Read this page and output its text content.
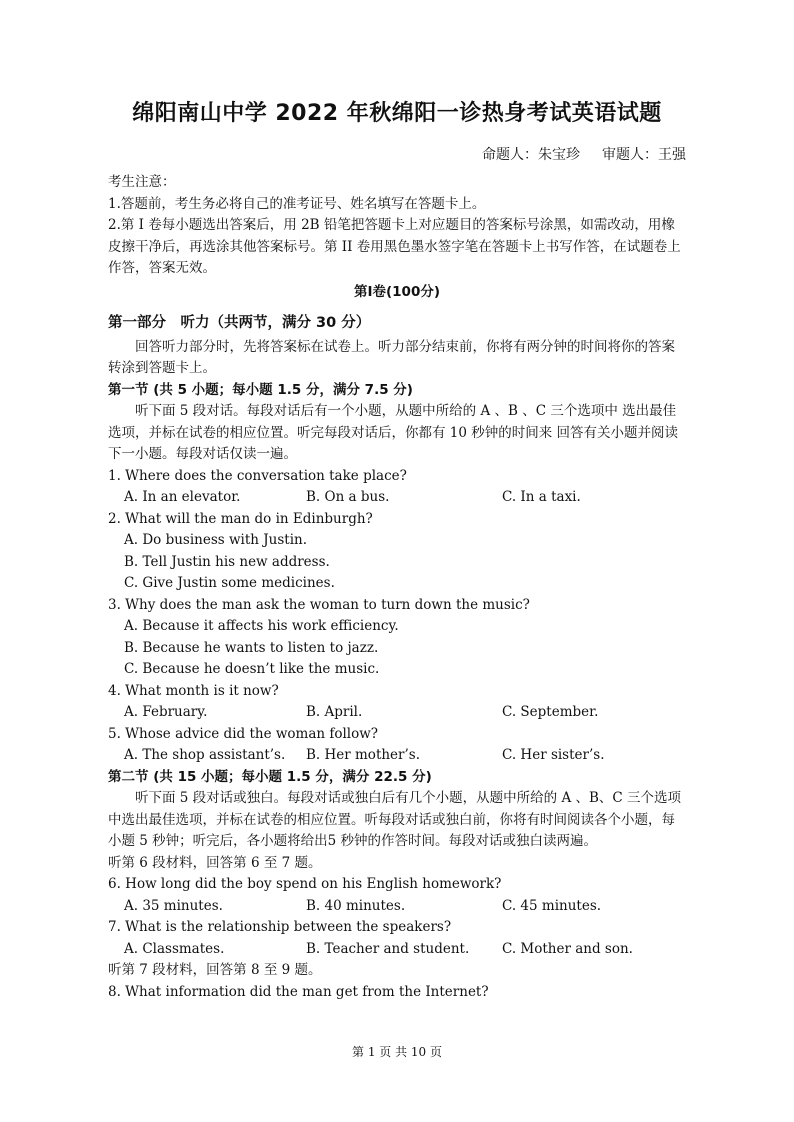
绵阳南山中学 2022 年秋绵阳一诊热身考试英语试题
命题人：朱宝珍 审题人：王强

考生注意：

1.答题前，考生务必将自己的准考证号、姓名填写在答题卡上。

2.第 I 卷每小题选出答案后，用 2B 铅笔把答题卡上对应题目的答案标号涂黑，如需改动，用橡皮擦干净后，再选涂其他答案标号。第 II 卷用黑色墨水签字笔在答题卡上书写作答，在试题卷上作答，答案无效。

第I卷(100分)

第一部分　听力（共两节，满分 30 分）

回答听力部分时，先将答案标在试卷上。听力部分结束前，你将有两分钟的时间将你的答案转涂到答题卡上。

第一节 (共 5 小题；每小题 1.5 分，满分 7.5 分)

听下面 5 段对话。每段对话后有一个小题，从题中所给的 A 、B 、C 三个选项中 选出最佳选项，并标在试卷的相应位置。听完每段对话后，你都有 10 秒钟的时间来 回答有关小题并阅读下一小题。每段对话仅读一遍。

1. Where does the conversation take place?

A. In an elevator.	B. On a bus.	C. In a taxi.

2. What will the man do in Edinburgh?

A. Do business with Justin.

B. Tell Justin his new address.

C. Give Justin some medicines.

3. Why does the man ask the woman to turn down the music?

A. Because it affects his work efficiency.

B. Because he wants to listen to jazz.

C. Because he doesn’t like the music.

4. What month is it now?

A. February.	B. April.	C. September.

5. Whose advice did the woman follow?

A. The shop assistant’s.	B. Her mother’s.	C. Her sister’s.

第二节 (共 15 小题；每小题 1.5 分，满分 22.5 分)

听下面 5 段对话或独白。每段对话或独白后有几个小题，从题中所给的 A 、B、C 三个选项中选出最佳选项，并标在试卷的相应位置。听每段对话或独白前，你将有时间阅读各个小题，每小题 5 秒钟；听完后，各小题将给出5 秒钟的作答时间。每段对话或独白读两遍。

听第 6 段材料，回答第 6 至 7 题。

6. How long did the boy spend on his English homework?

A. 35 minutes.	B. 40 minutes.	C. 45 minutes.

7. What is the relationship between the speakers?

A. Classmates.	B. Teacher and student.	C. Mother and son.

听第 7 段材料，回答第 8 至 9 题。

8. What information did the man get from the Internet?

第 1 页 共 10 页
